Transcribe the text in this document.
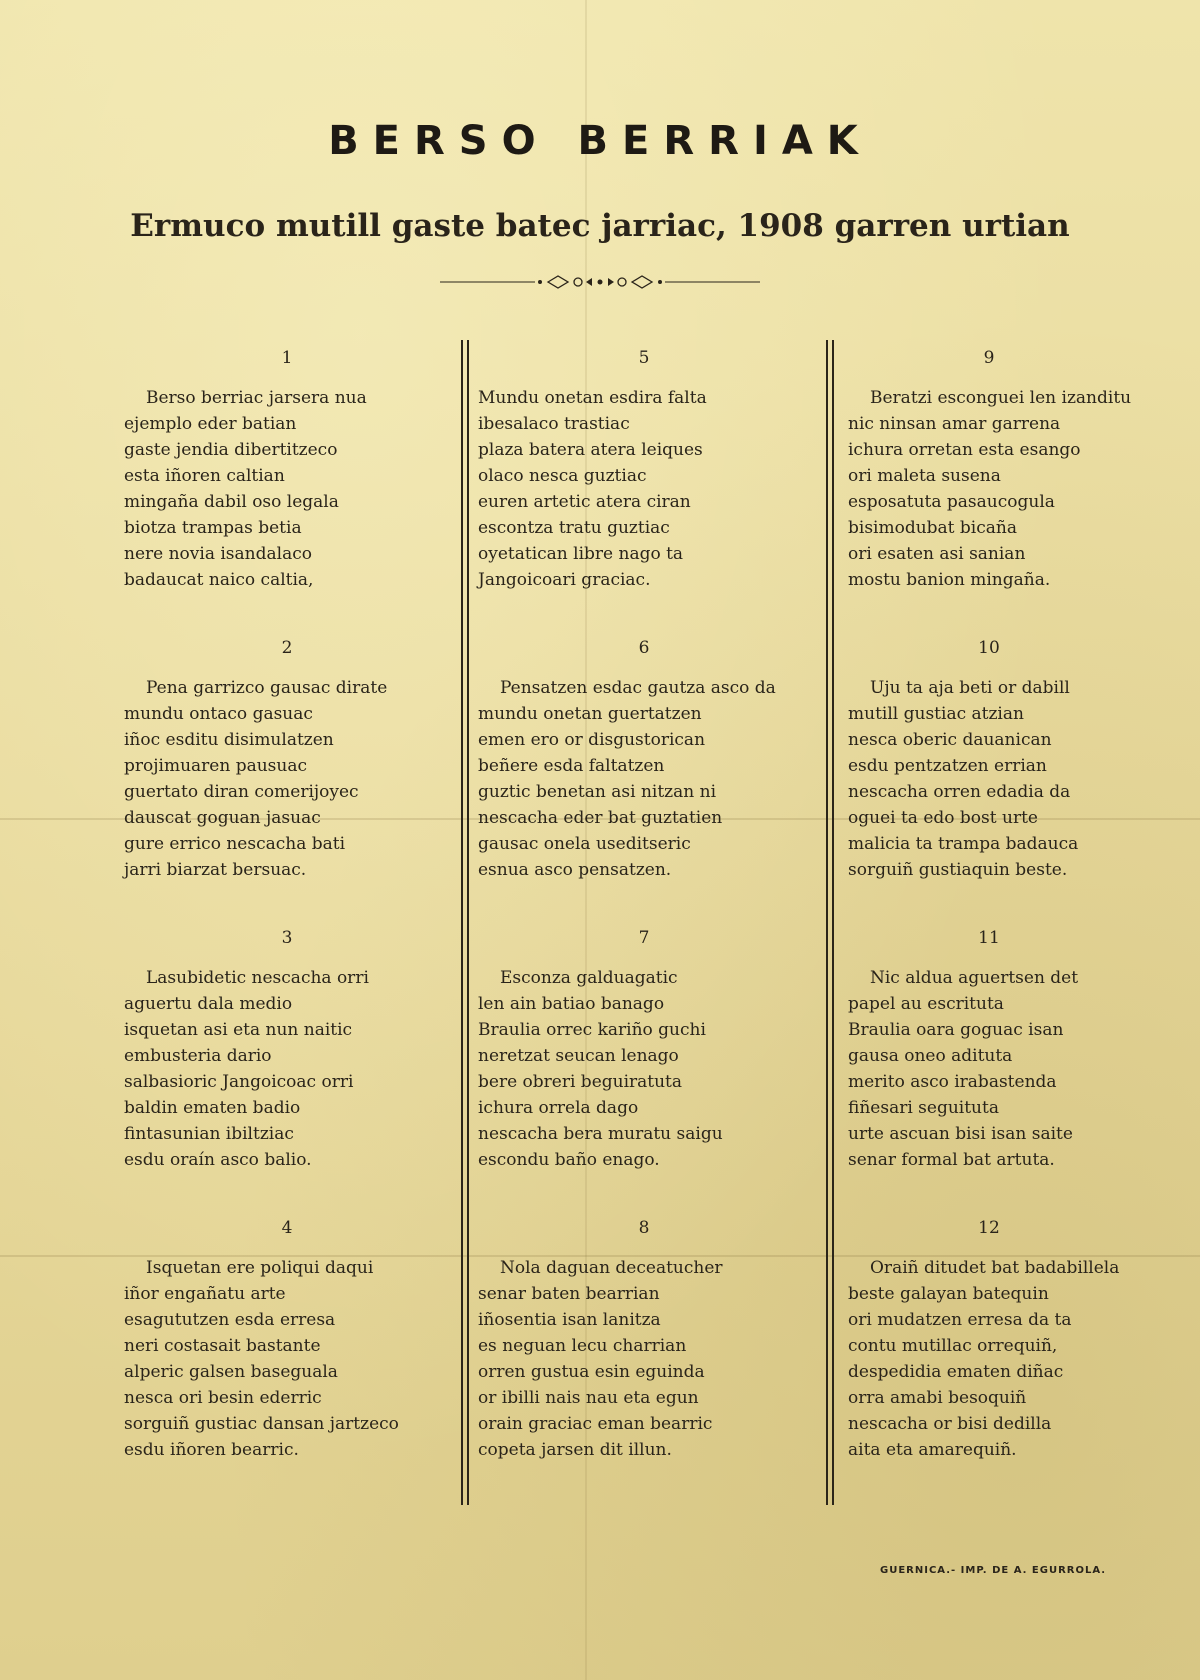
BERSO BERRIAK
Ermuco mutill gaste batec jarriac, 1908 garren urtian
1
Berso berriac jarsera nua
ejemplo eder batian
gaste jendia dibertitzeco
esta iñoren caltian
mingaña dabil oso legala
biotza trampas betia
nere novia isandalaco
badaucat naico caltia,
2
Pena garrizco gausac dirate
mundu ontaco gasuac
iñoc esditu disimulatzen
projimuaren pausuac
guertato diran comerijoyec
dauscat goguan jasuac
gure errico nescacha bati
jarri biarzat bersuac.
3
Lasubidetic nescacha orri
aguertu dala medio
isquetan asi eta nun naitic
embusteria dario
salbasioric Jangoicoac orri
baldin ematen badio
fintasunian ibiltziac
esdu oraín asco balio.
4
Isquetan ere poliqui daqui
iñor engañatu arte
esagututzen esda erresa
neri costasait bastante
alperic galsen baseguala
nesca ori besin ederric
sorguiñ gustiac dansan jartzeco
esdu iñoren bearric.
5
Mundu onetan esdira falta
ibesalaco trastiac
plaza batera atera leiques
olaco nesca guztiac
euren artetic atera ciran
escontza tratu guztiac
oyetatican libre nago ta
Jangoicoari graciac.
6
Pensatzen esdac gautza asco da
mundu onetan guertatzen
emen ero or disgustorican
beñere esda faltatzen
guztic benetan asi nitzan ni
nescacha eder bat guztatien
gausac onela useditseric
esnua asco pensatzen.
7
Esconza galduagatic
len ain batiao banago
Braulia orrec kariño guchi
neretzat seucan lenago
bere obreri beguiratuta
ichura orrela dago
nescacha bera muratu saigu
escondu baño enago.
8
Nola daguan deceatucher
senar baten bearrian
iñosentia isan lanitza
es neguan lecu charrian
orren gustua esin eguinda
or ibilli nais nau eta egun
orain graciac eman bearric
copeta jarsen dit illun.
9
Beratzi esconguei len izanditu
nic ninsan amar garrena
ichura orretan esta esango
ori maleta susena
esposatuta pasaucogula
bisimodubat bicaña
ori esaten asi sanian
mostu banion mingaña.
10
Uju ta aja beti or dabill
mutill gustiac atzian
nesca oberic dauanican
esdu pentzatzen errian
nescacha orren edadia da
oguei ta edo bost urte
malicia ta trampa badauca
sorguiñ gustiaquin beste.
11
Nic aldua aguertsen det
papel au escrituta
Braulia oara goguac isan
gausa oneo adituta
merito asco irabastenda
fiñesari seguituta
urte ascuan bisi isan saite
senar formal bat artuta.
12
Oraiñ ditudet bat badabillela
beste galayan batequin
ori mudatzen erresa da ta
contu mutillac orrequiñ,
despedidia ematen diñac
orra amabi besoquiñ
nescacha or bisi dedilla
aita eta amarequiñ.
GUERNICA.- IMP. DE A. EGURROLA.
